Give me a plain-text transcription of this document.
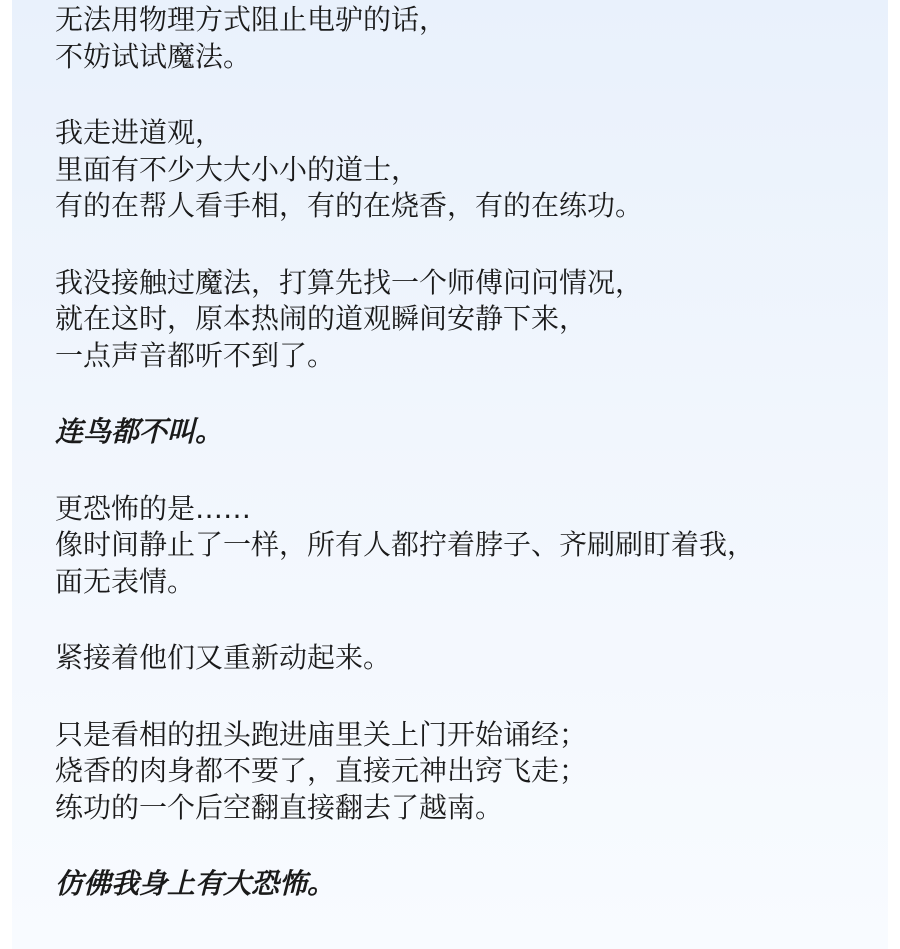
无法用物理方式阻止电驴的话，
不妨试试魔法。
我走进道观，
里面有不少大大小小的道士，
有的在帮人看手相，有的在烧香，有的在练功。
我没接触过魔法，打算先找一个师傅问问情况，
就在这时，原本热闹的道观瞬间安静下来，
一点声音都听不到了。
连鸟都不叫。
更恐怖的是……
像时间静止了一样，所有人都拧着脖子、齐刷刷盯着我，
面无表情。
紧接着他们又重新动起来。
只是看相的扭头跑进庙里关上门开始诵经；
烧香的肉身都不要了，直接元神出窍飞走；
练功的一个后空翻直接翻去了越南。
仿佛我身上有大恐怖。
